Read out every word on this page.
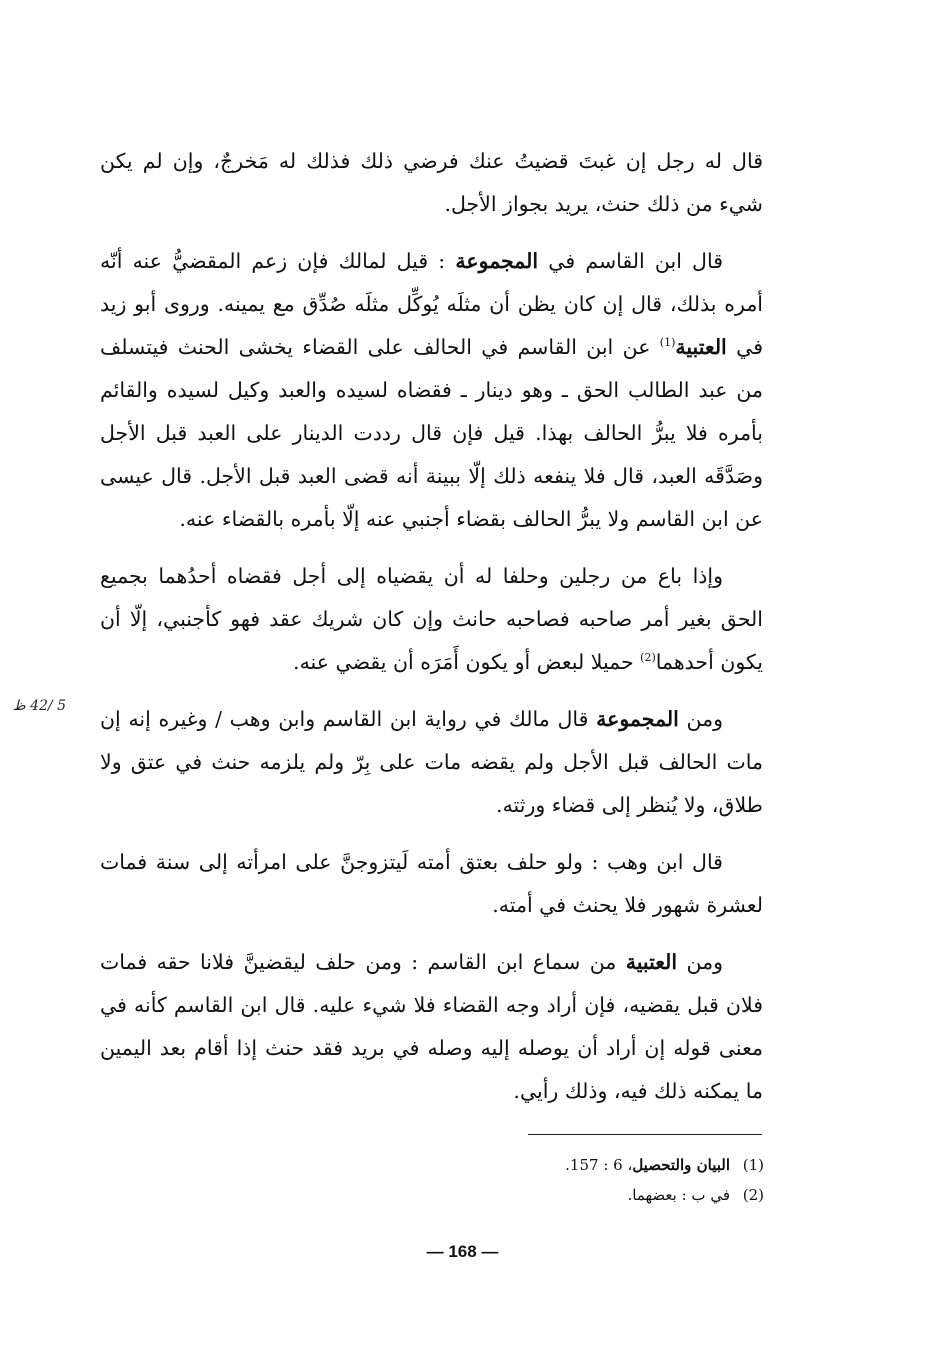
قال له رجل إن غبتَ قضيتُ عنك فرضي ذلك فذلك له مَخرجٌ، وإن لم يكن شيء من ذلك حنث، يريد بجواز الأجل.

قال ابن القاسم في المجموعة : قيل لمالك فإن زعم المقضيُّ عنه أنّه أمره بذلك، قال إن كان يظن أن مثلَه يُوكِّل مثلَه صُدِّق مع يمينه. وروى أبو زيد في العتبية$^{(1)}$ عن ابن القاسم في الحالف على القضاء يخشى الحنث فيتسلف من عبد الطالب الحق ـ وهو دينار ـ فقضاه لسيده والعبد وكيل لسيده والقائم بأمره فلا يبرُّ الحالف بهذا. قيل فإن قال رددت الدينار على العبد قبل الأجل وصَدَّقَه العبد، قال فلا ينفعه ذلك إلّا ببينة أنه قضى العبد قبل الأجل. قال عيسى عن ابن القاسم ولا يبرُّ الحالف بقضاء أجنبي عنه إلّا بأمره بالقضاء عنه.

وإذا باع من رجلين وحلفا له أن يقضياه إلى أجل فقضاه أحدُهما بجميع الحق بغير أمر صاحبه فصاحبه حانث وإن كان شريك عقد فهو كأجنبي، إلّا أن يكون أحدهما$^{(2)}$ حميلا لبعض أو يكون أَمَرَه أن يقضي عنه.

ومن المجموعة قال مالك في رواية ابن القاسم وابن وهب / وغيره إنه إن مات الحالف قبل الأجل ولم يقضه مات على بِرّ ولم يلزمه حنث في عتق ولا طلاق، ولا يُنظر إلى قضاء ورثته.

قال ابن وهب : ولو حلف بعتق أمته لَيتزوجنَّ على امرأته إلى سنة فمات لعشرة شهور فلا يحنث في أمته.

ومن العتبية من سماع ابن القاسم : ومن حلف ليقضينَّ فلانا حقه فمات فلان قبل يقضيه، فإن أراد وجه القضاء فلا شيء عليه. قال ابن القاسم كأنه في معنى قوله إن أراد أن يوصله إليه وصله في بريد فقد حنث إذا أقام بعد اليمين ما يمكنه ذلك فيه، وذلك رأيي.

5 /42 ظ

(1)البيان والتحصيل، 6 : 157.

(2)في ب : بعضهما.

— 168 —
